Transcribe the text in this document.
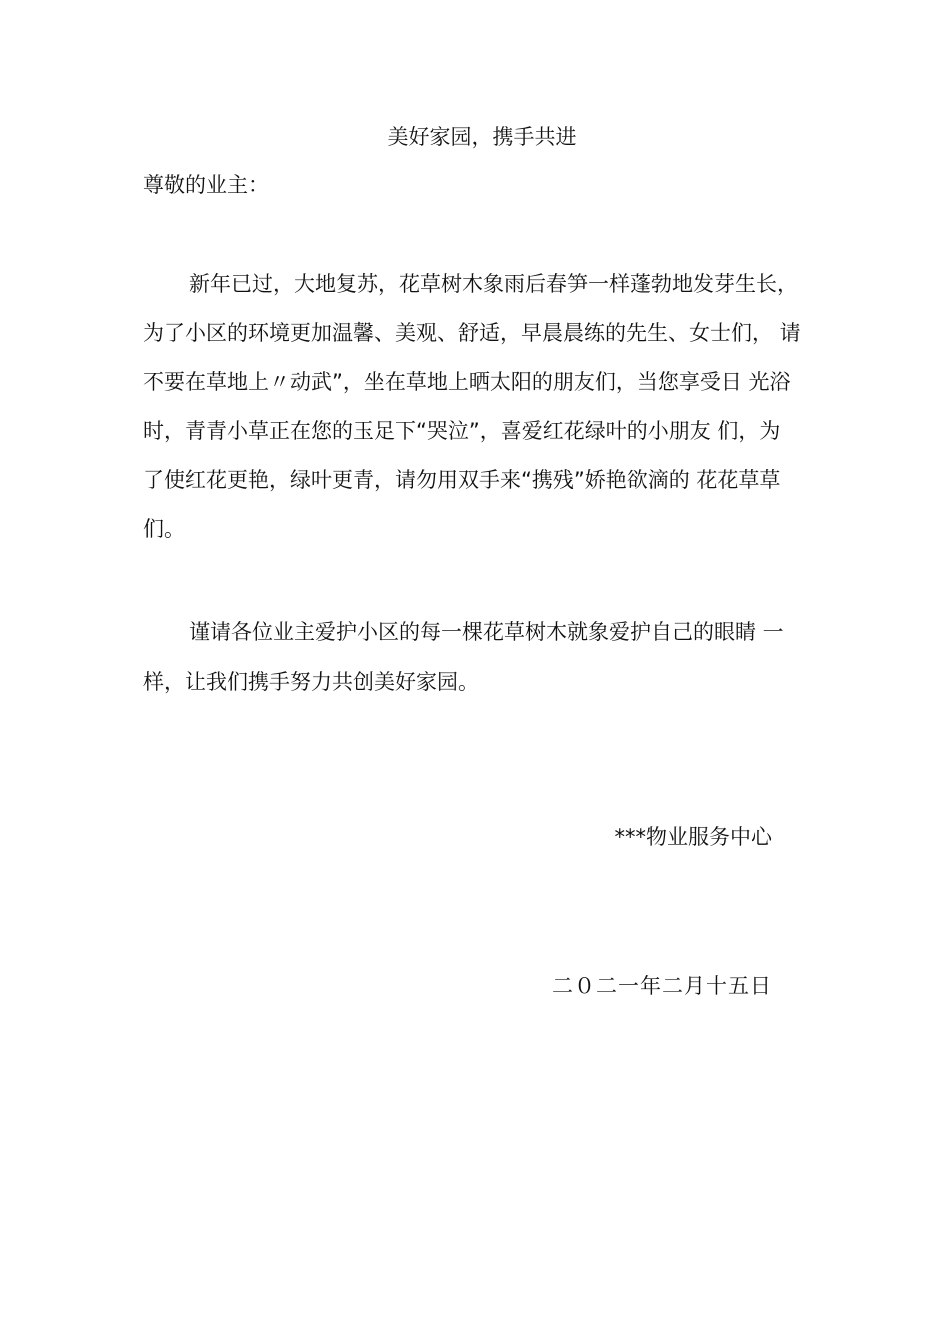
美好家园，携手共进

尊敬的业主：

新年已过，大地复苏，花草树木象雨后春笋一样蓬勃地发芽生长，

为了小区的环境更加温馨、美观、舒适，早晨晨练的先生、女士们， 请

不要在草地上〃动武”，坐在草地上晒太阳的朋友们，当您享受日 光浴

时，青青小草正在您的玉足下“哭泣”，喜爱红花绿叶的小朋友 们，为

了使红花更艳，绿叶更青，请勿用双手来“携残”娇艳欲滴的 花花草草

们。

谨请各位业主爱护小区的每一棵花草树木就象爱护自己的眼睛 一

样，让我们携手努力共创美好家园。

***物业服务中心

二０二一年二月十五日
